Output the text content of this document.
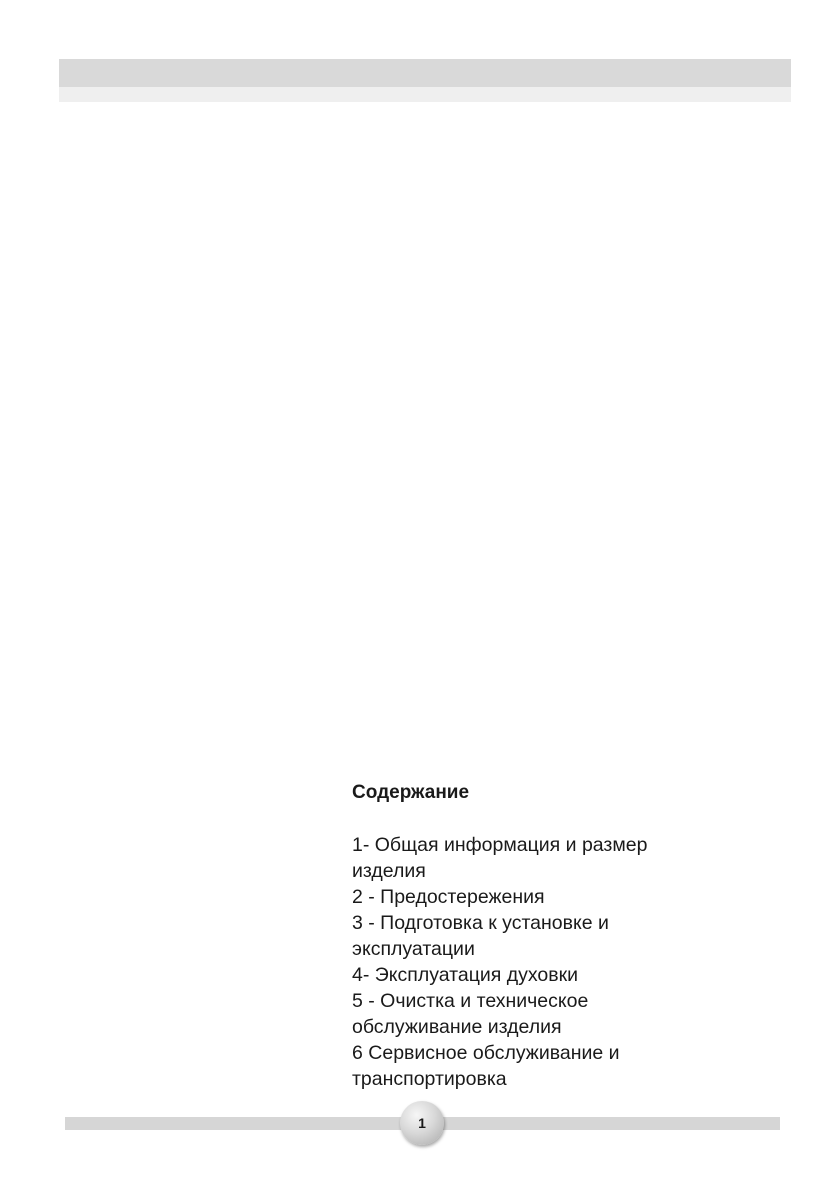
Содержание
1- Общая информация и размер
изделия
2 - Предостережения
3 - Подготовка к установке и
эксплуатации
4- Эксплуатация духовки
5 - Очистка и техническое
обслуживание изделия
6 Сервисное обслуживание и
транспортировка
1
